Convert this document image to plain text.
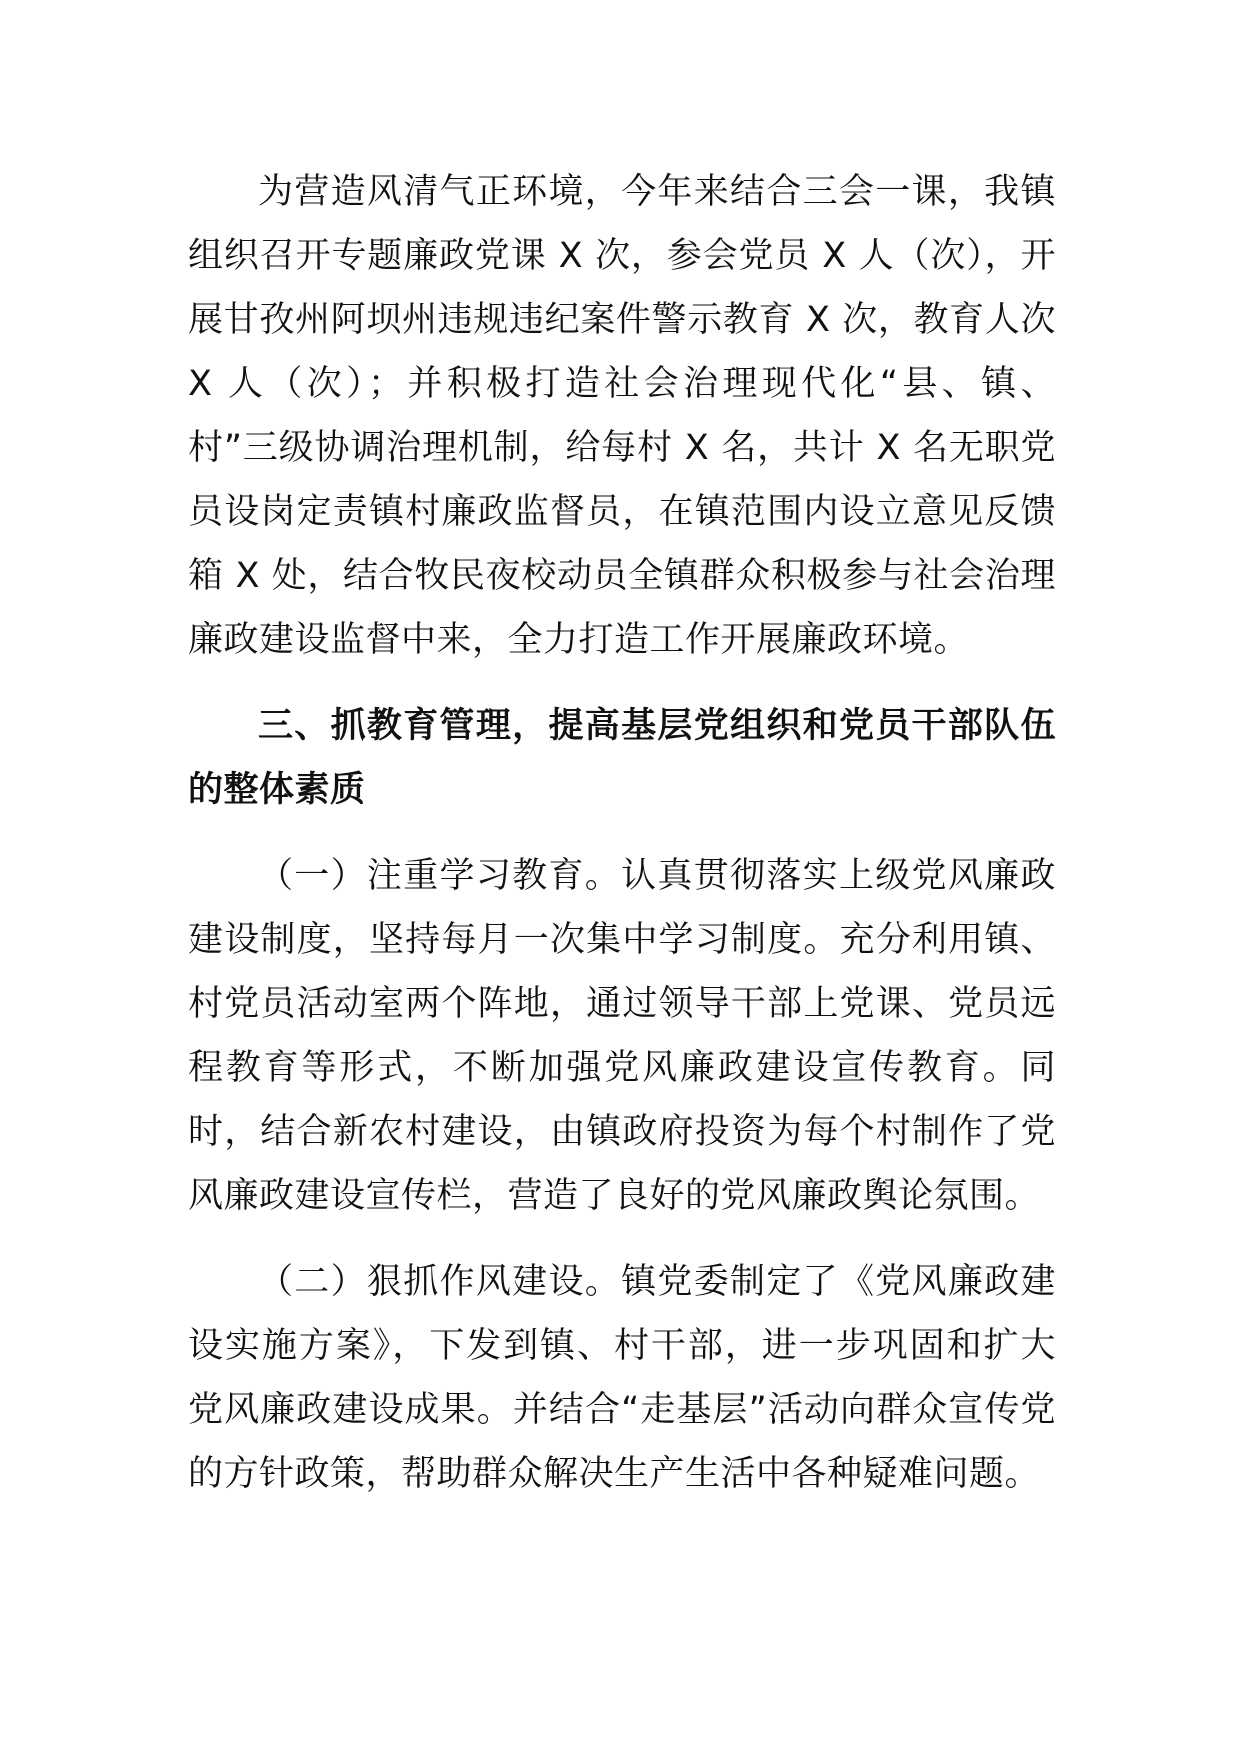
为营造风清气正环境，今年来结合三会一课，我镇组织召开专题廉政党课 X 次，参会党员 X 人（次），开展甘孜州阿坝州违规违纪案件警示教育 X 次，教育人次 X 人（次）；并积极打造社会治理现代化“县、镇、村”三级协调治理机制，给每村 X 名，共计 X 名无职党员设岗定责镇村廉政监督员，在镇范围内设立意见反馈箱 X 处，结合牧民夜校动员全镇群众积极参与社会治理廉政建设监督中来，全力打造工作开展廉政环境。

三、抓教育管理，提高基层党组织和党员干部队伍的整体素质

（一）注重学习教育。认真贯彻落实上级党风廉政建设制度，坚持每月一次集中学习制度。充分利用镇、村党员活动室两个阵地，通过领导干部上党课、党员远程教育等形式，不断加强党风廉政建设宣传教育。同时，结合新农村建设，由镇政府投资为每个村制作了党风廉政建设宣传栏，营造了良好的党风廉政舆论氛围。

（二）狠抓作风建设。镇党委制定了《党风廉政建设实施方案》，下发到镇、村干部，进一步巩固和扩大党风廉政建设成果。并结合“走基层”活动向群众宣传党的方针政策，帮助群众解决生产生活中各种疑难问题。
